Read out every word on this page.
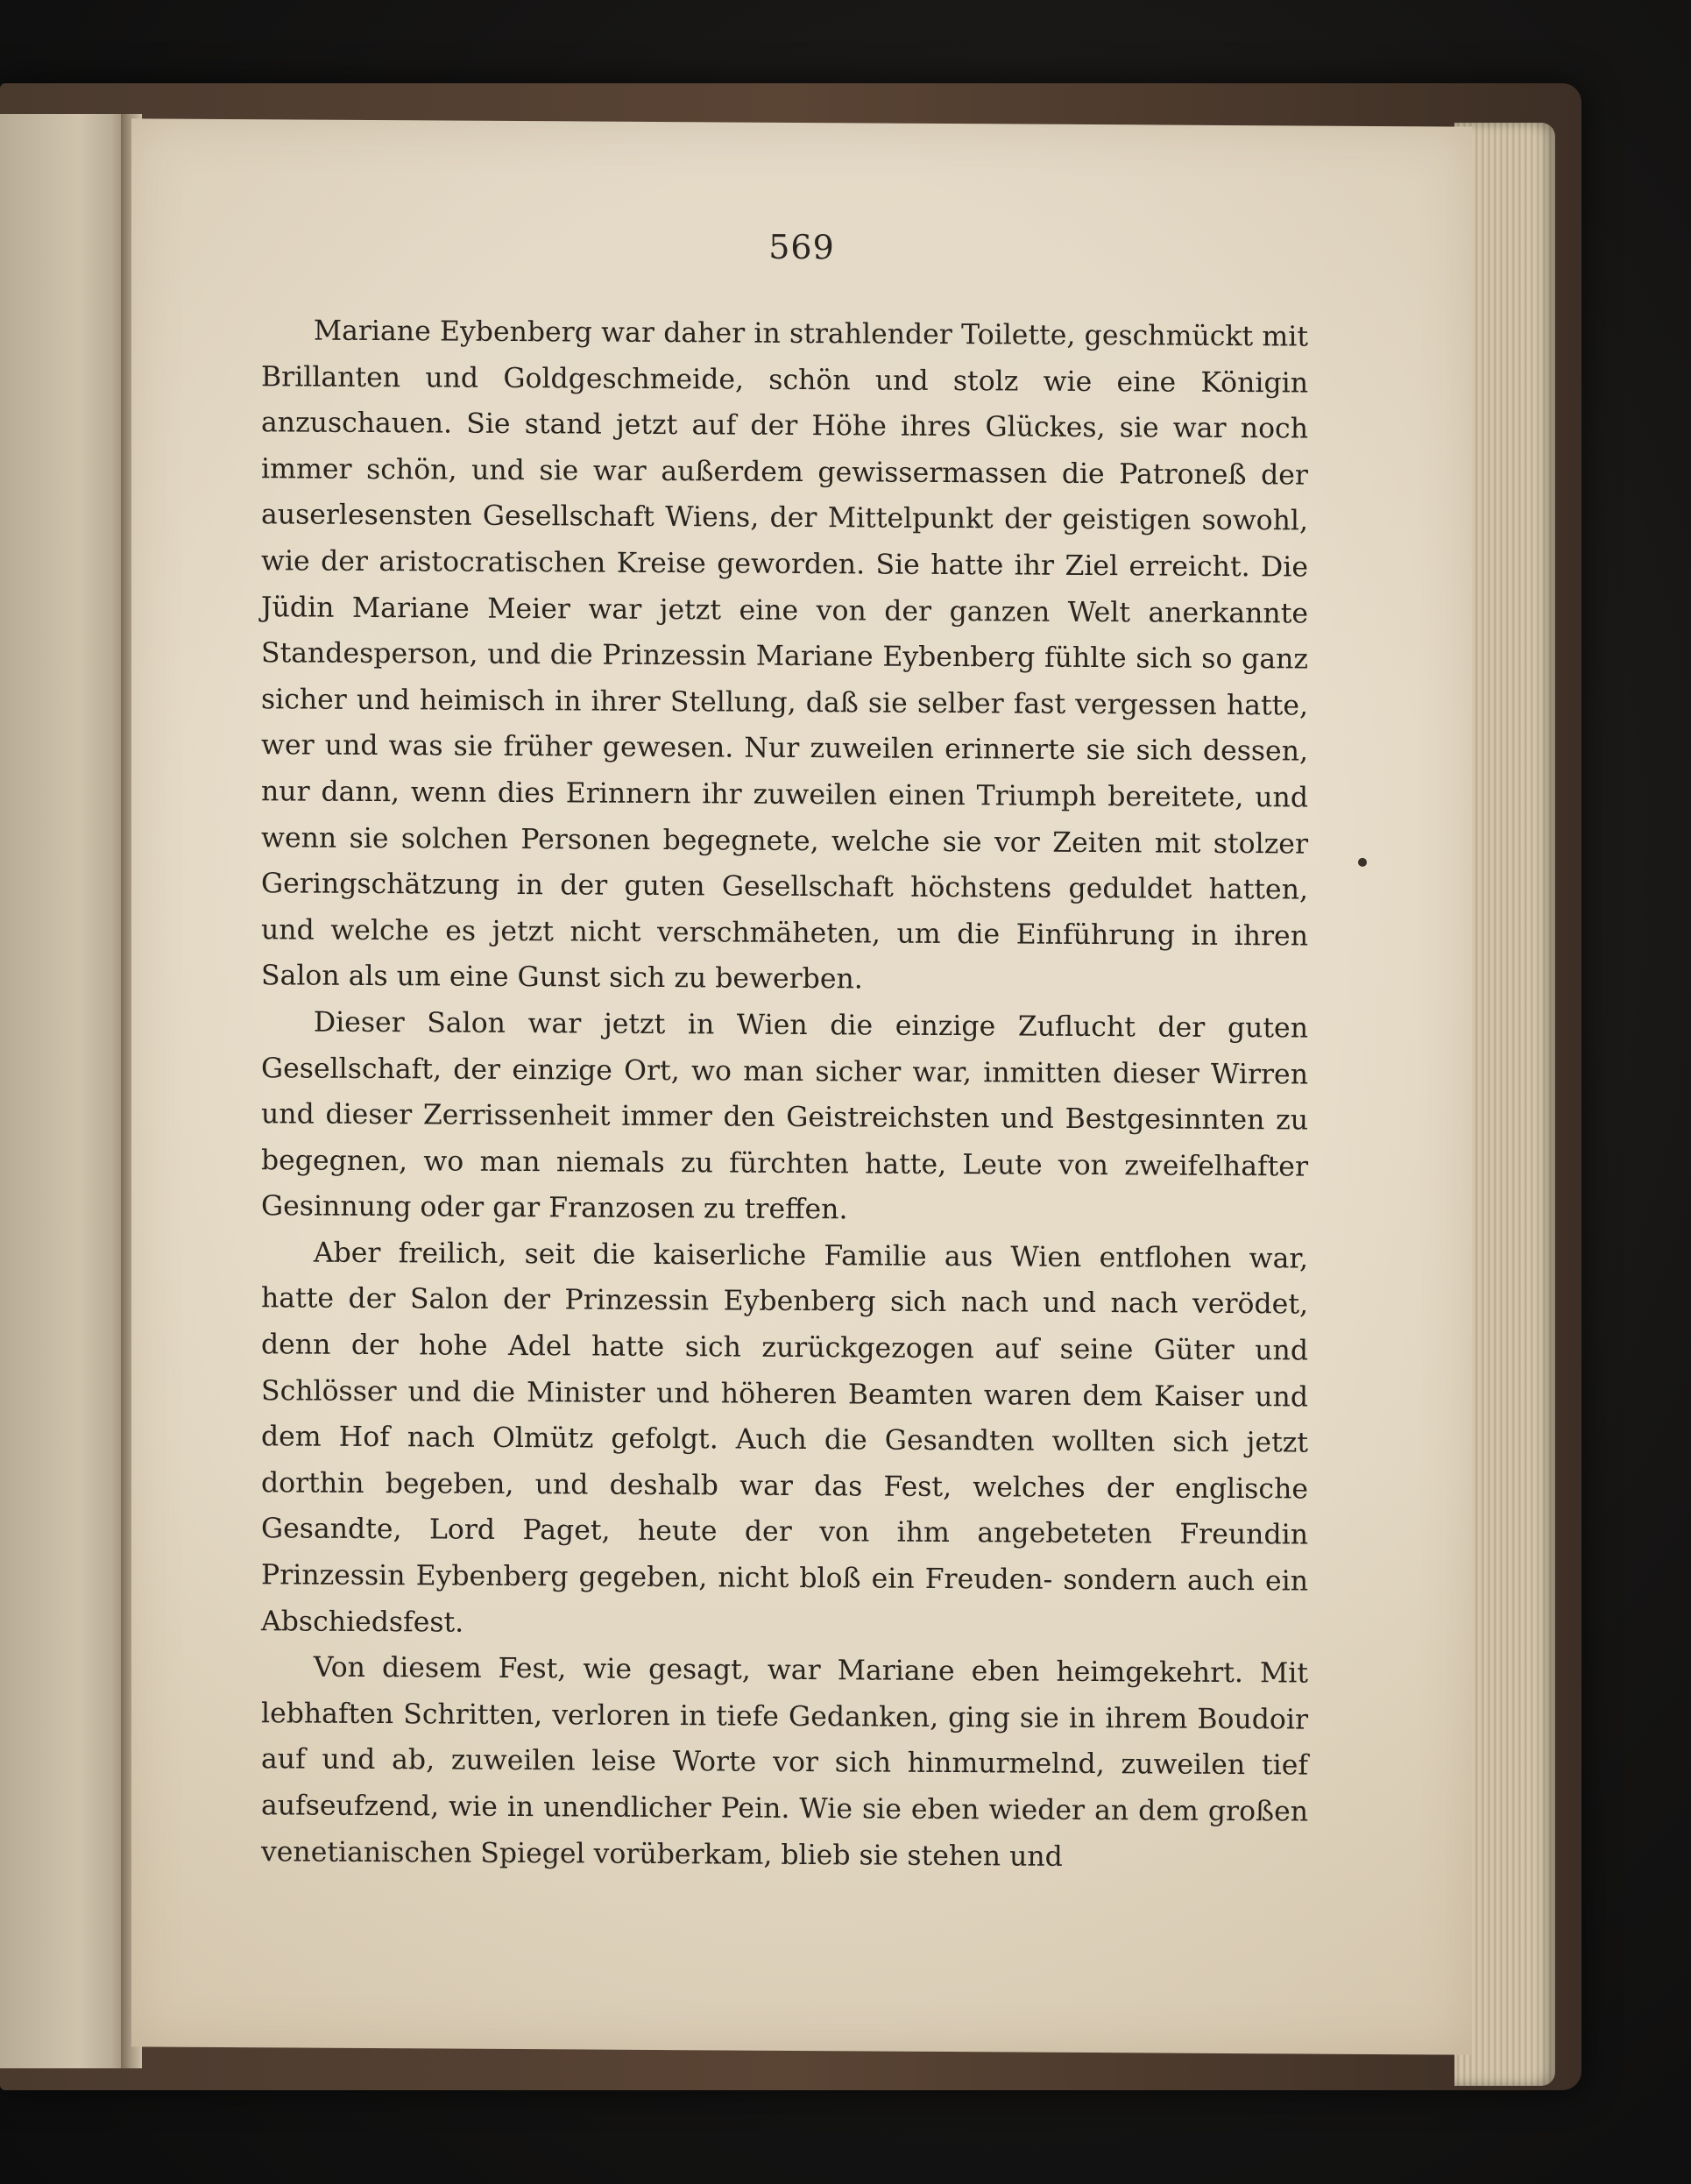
569

Mariane Eybenberg war daher in strahlender Toilette, geschmückt mit Brillanten und Goldgeschmeide, schön und stolz wie eine Königin anzuschauen. Sie stand jetzt auf der Höhe ihres Glückes, sie war noch immer schön, und sie war außerdem gewissermassen die Patroneß der auserlesensten Gesellschaft Wiens, der Mittelpunkt der geistigen sowohl, wie der aristocratischen Kreise geworden. Sie hatte ihr Ziel erreicht. Die Jüdin Mariane Meier war jetzt eine von der ganzen Welt anerkannte Standesperson, und die Prinzessin Mariane Eybenberg fühlte sich so ganz sicher und heimisch in ihrer Stellung, daß sie selber fast vergessen hatte, wer und was sie früher gewesen. Nur zuweilen erinnerte sie sich dessen, nur dann, wenn dies Erinnern ihr zuweilen einen Triumph bereitete, und wenn sie solchen Personen begegnete, welche sie vor Zeiten mit stolzer Geringschätzung in der guten Gesellschaft höchstens geduldet hatten, und welche es jetzt nicht verschmäheten, um die Einführung in ihren Salon als um eine Gunst sich zu bewerben.

Dieser Salon war jetzt in Wien die einzige Zuflucht der guten Gesellschaft, der einzige Ort, wo man sicher war, inmitten dieser Wirren und dieser Zerrissenheit immer den Geistreichsten und Bestgesinnten zu begegnen, wo man niemals zu fürchten hatte, Leute von zweifelhafter Gesinnung oder gar Franzosen zu treffen.

Aber freilich, seit die kaiserliche Familie aus Wien entflohen war, hatte der Salon der Prinzessin Eybenberg sich nach und nach verödet, denn der hohe Adel hatte sich zurückgezogen auf seine Güter und Schlösser und die Minister und höheren Beamten waren dem Kaiser und dem Hof nach Olmütz gefolgt. Auch die Gesandten wollten sich jetzt dorthin begeben, und deshalb war das Fest, welches der englische Gesandte, Lord Paget, heute der von ihm angebeteten Freundin Prinzessin Eybenberg gegeben, nicht bloß ein Freuden- sondern auch ein Abschiedsfest.

Von diesem Fest, wie gesagt, war Mariane eben heimgekehrt. Mit lebhaften Schritten, verloren in tiefe Gedanken, ging sie in ihrem Boudoir auf und ab, zuweilen leise Worte vor sich hinmurmelnd, zuweilen tief aufseufzend, wie in unendlicher Pein. Wie sie eben wieder an dem großen venetianischen Spiegel vorüberkam, blieb sie stehen und
